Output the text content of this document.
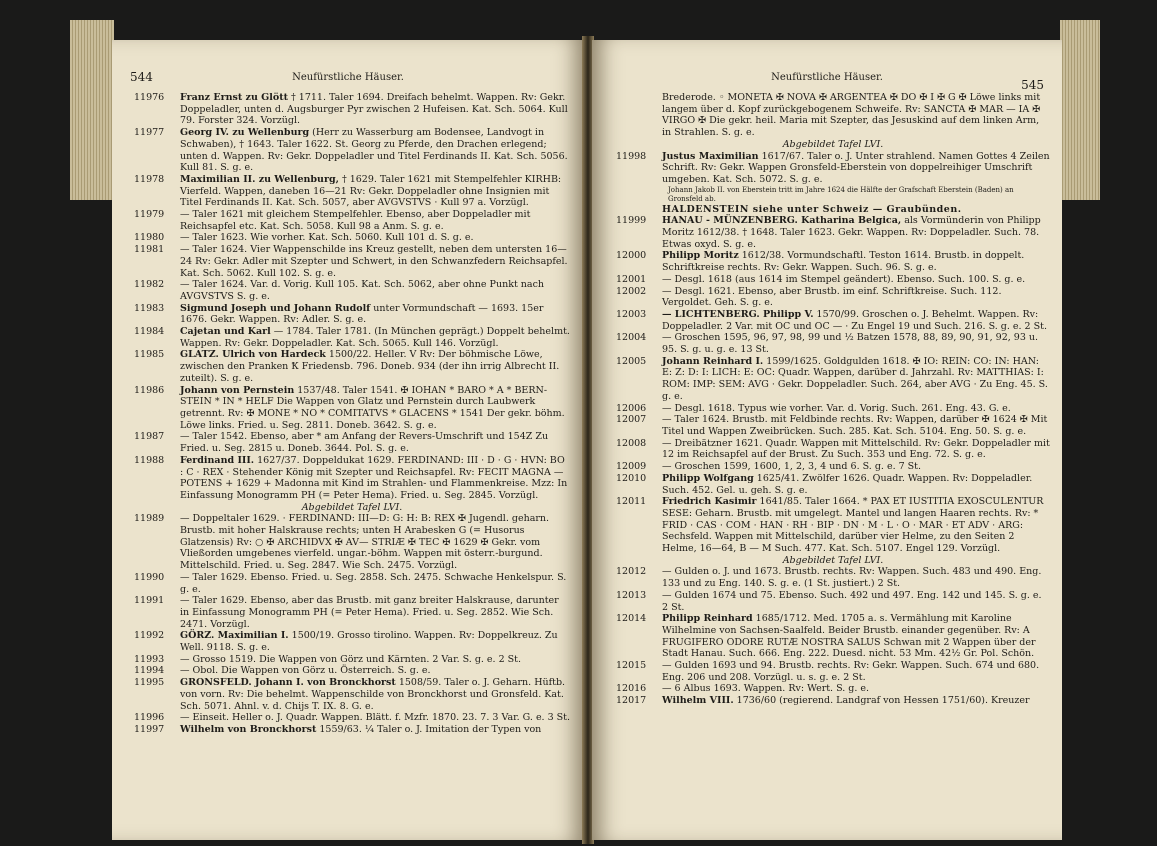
544	Neufürstliche Häuser.
11976 Franz Ernst zu Glött † 1711. Taler 1694. Dreifach behelmt. Wappen. Rv: Gekr. Doppeladler, unten d. Augsburger Pyr zwischen 2 Hufeisen. Kat. Sch. 5064. Kull 79. Forster 324. Vorzügl.
11977 Georg IV. zu Wellenburg (Herr zu Wasserburg am Bodensee, Landvogt in Schwaben), † 1643. Taler 1622. St. Georg zu Pferde, den Drachen erlegend; unten d. Wappen. Rv: Gekr. Doppeladler und Titel Ferdinands II. Kat. Sch. 5056. Kull 81. S. g. e.
11978 Maximilian II. zu Wellenburg, † 1629. Taler 1621 mit Stempelfehler KIRHB: Vierfeld. Wappen, daneben 16—21 Rv: Gekr. Doppeladler ohne Insignien mit Titel Ferdinands II. Kat. Sch. 5057, aber AVGVSTVS · Kull 97 a. Vorzügl.
11979 — Taler 1621 mit gleichem Stempelfehler. Ebenso, aber Doppeladler mit Reichsapfel etc. Kat. Sch. 5058. Kull 98 a Anm. S. g. e.
11980 — Taler 1623. Wie vorher. Kat. Sch. 5060. Kull 101 d. S. g. e.
11981 — Taler 1624. Vier Wappenschilde ins Kreuz gestellt, neben dem untersten 16—24 Rv: Gekr. Adler mit Szepter und Schwert, in den Schwanzfedern Reichsapfel. Kat. Sch. 5062. Kull 102. S. g. e.
11982 — Taler 1624. Var. d. Vorig. Kull 105. Kat. Sch. 5062, aber ohne Punkt nach AVGVSTVS S. g. e.
11983 Sigmund Joseph und Johann Rudolf unter Vormundschaft — 1693. 15er 1676. Gekr. Wappen. Rv: Adler. S. g. e.
11984 Cajetan und Karl — 1784. Taler 1781. (In München geprägt.) Doppelt behelmt. Wappen. Rv: Gekr. Doppeladler. Kat. Sch. 5065. Kull 146. Vorzügl.
11985 GLATZ. Ulrich von Hardeck 1500/22. Heller. V Rv: Der böhmische Löwe, zwischen den Pranken Ꝁ Friedensb. 796. Doneb. 934 (der ihn irrig Albrecht II. zuteilt). S. g. e.
11986 Johann von Pernstein 1537/48. Taler 1541. ✠ IOHAN * BARO * A * BERN-STEIN * IN * HELF Die Wappen von Glatz und Pernstein durch Laubwerk getrennt. Rv: ✠ MONE * NO * COMITATVS * GLACENS * 1541 Der gekr. böhm. Löwe links. Fried. u. Seg. 2811. Doneb. 3642. S. g. e.
11987 — Taler 1542. Ebenso, aber * am Anfang der Revers-Umschrift und 154Z Zu Fried. u. Seg. 2815 u. Doneb. 3644. Pol. S. g. e.
11988 Ferdinand III. 1627/37. Doppeldukat 1629. FERDINAND: III · D · G · HVN: BO : C · REX · Stehender König mit Szepter und Reichsapfel. Rv: FECIT MAGNA — POTENS + 1629 + Madonna mit Kind im Strahlen- und Flammenkreise. Mzz: In Einfassung Monogramm PH (= Peter Hema). Fried. u. Seg. 2845. Vorzügl.
Abgebildet Tafel LVI.
11989 — Doppeltaler 1629. · FERDINAND: III—D: G: H: B: REX ✠ Jugendl. geharn. Brustb. mit hoher Halskrause rechts; unten H Arabesken G (= Husorus Glatzensis) Rv: ○ ✠ ARCHIDVX ✠ AV— STRIÆ ✠ TEC ✠ 1629 ✠ Gekr. vom Vließorden umgebenes vierfeld. ungar.-böhm. Wappen mit österr.-burgund. Mittelschild. Fried. u. Seg. 2847. Wie Sch. 2475. Vorzügl.
11990 — Taler 1629. Ebenso. Fried. u. Seg. 2858. Sch. 2475. Schwache Henkelspur. S. g. e.
11991 — Taler 1629. Ebenso, aber das Brustb. mit ganz breiter Halskrause, darunter in Einfassung Monogramm PH (= Peter Hema). Fried. u. Seg. 2852. Wie Sch. 2471. Vorzügl.
11992 GÖRZ. Maximilian I. 1500/19. Grosso tirolino. Wappen. Rv: Doppelkreuz. Zu Well. 9118. S. g. e.
11993 — Grosso 1519. Die Wappen von Görz und Kärnten. 2 Var. S. g. e. 2 St.
11994 — Obol. Die Wappen von Görz u. Österreich. S. g. e.
11995 GRONSFELD. Johann I. von Bronckhorst 1508/59. Taler o. J. Geharn. Hüftb. von vorn. Rv: Die behelmt. Wappenschilde von Bronckhorst und Gronsfeld. Kat. Sch. 5071. Ahnl. v. d. Chijs T. IX. 8. G. e.
11996 — Einseit. Heller o. J. Quadr. Wappen. Blätt. f. Mzfr. 1870. 23. 7. 3 Var. G. e. 3 St.
11997 Wilhelm von Bronckhorst 1559/63. ¼ Taler o. J. Imitation der Typen von
Neufürstliche Häuser.
545
Brederode. ◦ MONETA ✠ NOVA ✠ ARGENTEA ✠ DO ✠ I ✠ G ✠ Löwe links mit langem über d. Kopf zurückgebogenem Schweife. Rv: SANCTA ✠ MAR — IA ✠ VIRGO ✠ Die gekr. heil. Maria mit Szepter, das Jesuskind auf dem linken Arm, in Strahlen. S. g. e.
Abgebildet Tafel LVI.
11998 Justus Maximilian 1617/67. Taler o. J. Unter strahlend. Namen Gottes 4 Zeilen Schrift. Rv: Gekr. Wappen Gronsfeld-Eberstein von doppelreihiger Umschrift umgeben. Kat. Sch. 5072. S. g. e.
Johann Jakob II. von Eberstein tritt im Jahre 1624 die Hälfte der Grafschaft Eberstein (Baden) an Gronsfeld ab.
HALDENSTEIN siehe unter Schweiz — Graubünden.
11999 HANAU - MÜNZENBERG. Katharina Belgica, als Vormünderin von Philipp Moritz 1612/38. † 1648. Taler 1623. Gekr. Wappen. Rv: Doppeladler. Such. 78. Etwas oxyd. S. g. e.
12000 Philipp Moritz 1612/38. Vormundschaftl. Teston 1614. Brustb. in doppelt. Schriftkreise rechts. Rv: Gekr. Wappen. Such. 96. S. g. e.
12001 — Desgl. 1618 (aus 1614 im Stempel geändert). Ebenso. Such. 100. S. g. e.
12002 — Desgl. 1621. Ebenso, aber Brustb. im einf. Schriftkreise. Such. 112. Vergoldet. Geh. S. g. e.
12003 — LICHTENBERG. Philipp V. 1570/99. Groschen o. J. Behelmt. Wappen. Rv: Doppeladler. 2 Var. mit OC und OC — · Zu Engel 19 und Such. 216. S. g. e. 2 St.
12004 — Groschen 1595, 96, 97, 98, 99 und ½ Batzen 1578, 88, 89, 90, 91, 92, 93 u. 95. S. g. u. g. e. 13 St.
12005 Johann Reinhard I. 1599/1625. Goldgulden 1618. ✠ IO: REIN: CO: IN: HAN: E: Z: D: I: LICH: E: OC: Quadr. Wappen, darüber d. Jahrzahl. Rv: MATTHIAS: I: ROM: IMP: SEM: AVG · Gekr. Doppeladler. Such. 264, aber AVG · Zu Eng. 45. S. g. e.
12006 — Desgl. 1618. Typus wie vorher. Var. d. Vorig. Such. 261. Eng. 43. G. e.
12007 — Taler 1624. Brustb. mit Feldbinde rechts. Rv: Wappen, darüber ✠ 1624 ✠ Mit Titel und Wappen Zweibrücken. Such. 285. Kat. Sch. 5104. Eng. 50. S. g. e.
12008 — Dreibätzner 1621. Quadr. Wappen mit Mittelschild. Rv: Gekr. Doppeladler mit 12 im Reichsapfel auf der Brust. Zu Such. 353 und Eng. 72. S. g. e.
12009 — Groschen 1599, 1600, 1, 2, 3, 4 und 6. S. g. e. 7 St.
12010 Philipp Wolfgang 1625/41. Zwölfer 1626. Quadr. Wappen. Rv: Doppeladler. Such. 452. Gel. u. geh. S. g. e.
12011 Friedrich Kasimir 1641/85. Taler 1664. * PAX ET IUSTITIA EXOSCULENTUR SESE: Geharn. Brustb. mit umgelegt. Mantel und langen Haaren rechts. Rv: * FRID · CAS · COM · HAN · RH · BIP · DN · M · L · O · MAR · ET ADV · ARG: Sechsfeld. Wappen mit Mittelschild, darüber vier Helme, zu den Seiten 2 Helme, 16—64, B — M Such. 477. Kat. Sch. 5107. Engel 129. Vorzügl.
Abgebildet Tafel LVI.
12012 — Gulden o. J. und 1673. Brustb. rechts. Rv: Wappen. Such. 483 und 490. Eng. 133 und zu Eng. 140. S. g. e. (1 St. justiert.) 2 St.
12013 — Gulden 1674 und 75. Ebenso. Such. 492 und 497. Eng. 142 und 145. S. g. e. 2 St.
12014 Philipp Reinhard 1685/1712. Med. 1705 a. s. Vermählung mit Karoline Wilhelmine von Sachsen-Saalfeld. Beider Brustb. einander gegenüber. Rv: A FRUGIFERO ODORE RUTÆ NOSTRA SALUS Schwan mit 2 Wappen über der Stadt Hanau. Such. 666. Eng. 222. Duesd. nicht. 53 Mm. 42½ Gr. Pol. Schön.
12015 — Gulden 1693 und 94. Brustb. rechts. Rv: Gekr. Wappen. Such. 674 und 680. Eng. 206 und 208. Vorzügl. u. s. g. e. 2 St.
12016 — 6 Albus 1693. Wappen. Rv: Wert. S. g. e.
12017 Wilhelm VIII. 1736/60 (regierend. Landgraf von Hessen 1751/60). Kreuzer
